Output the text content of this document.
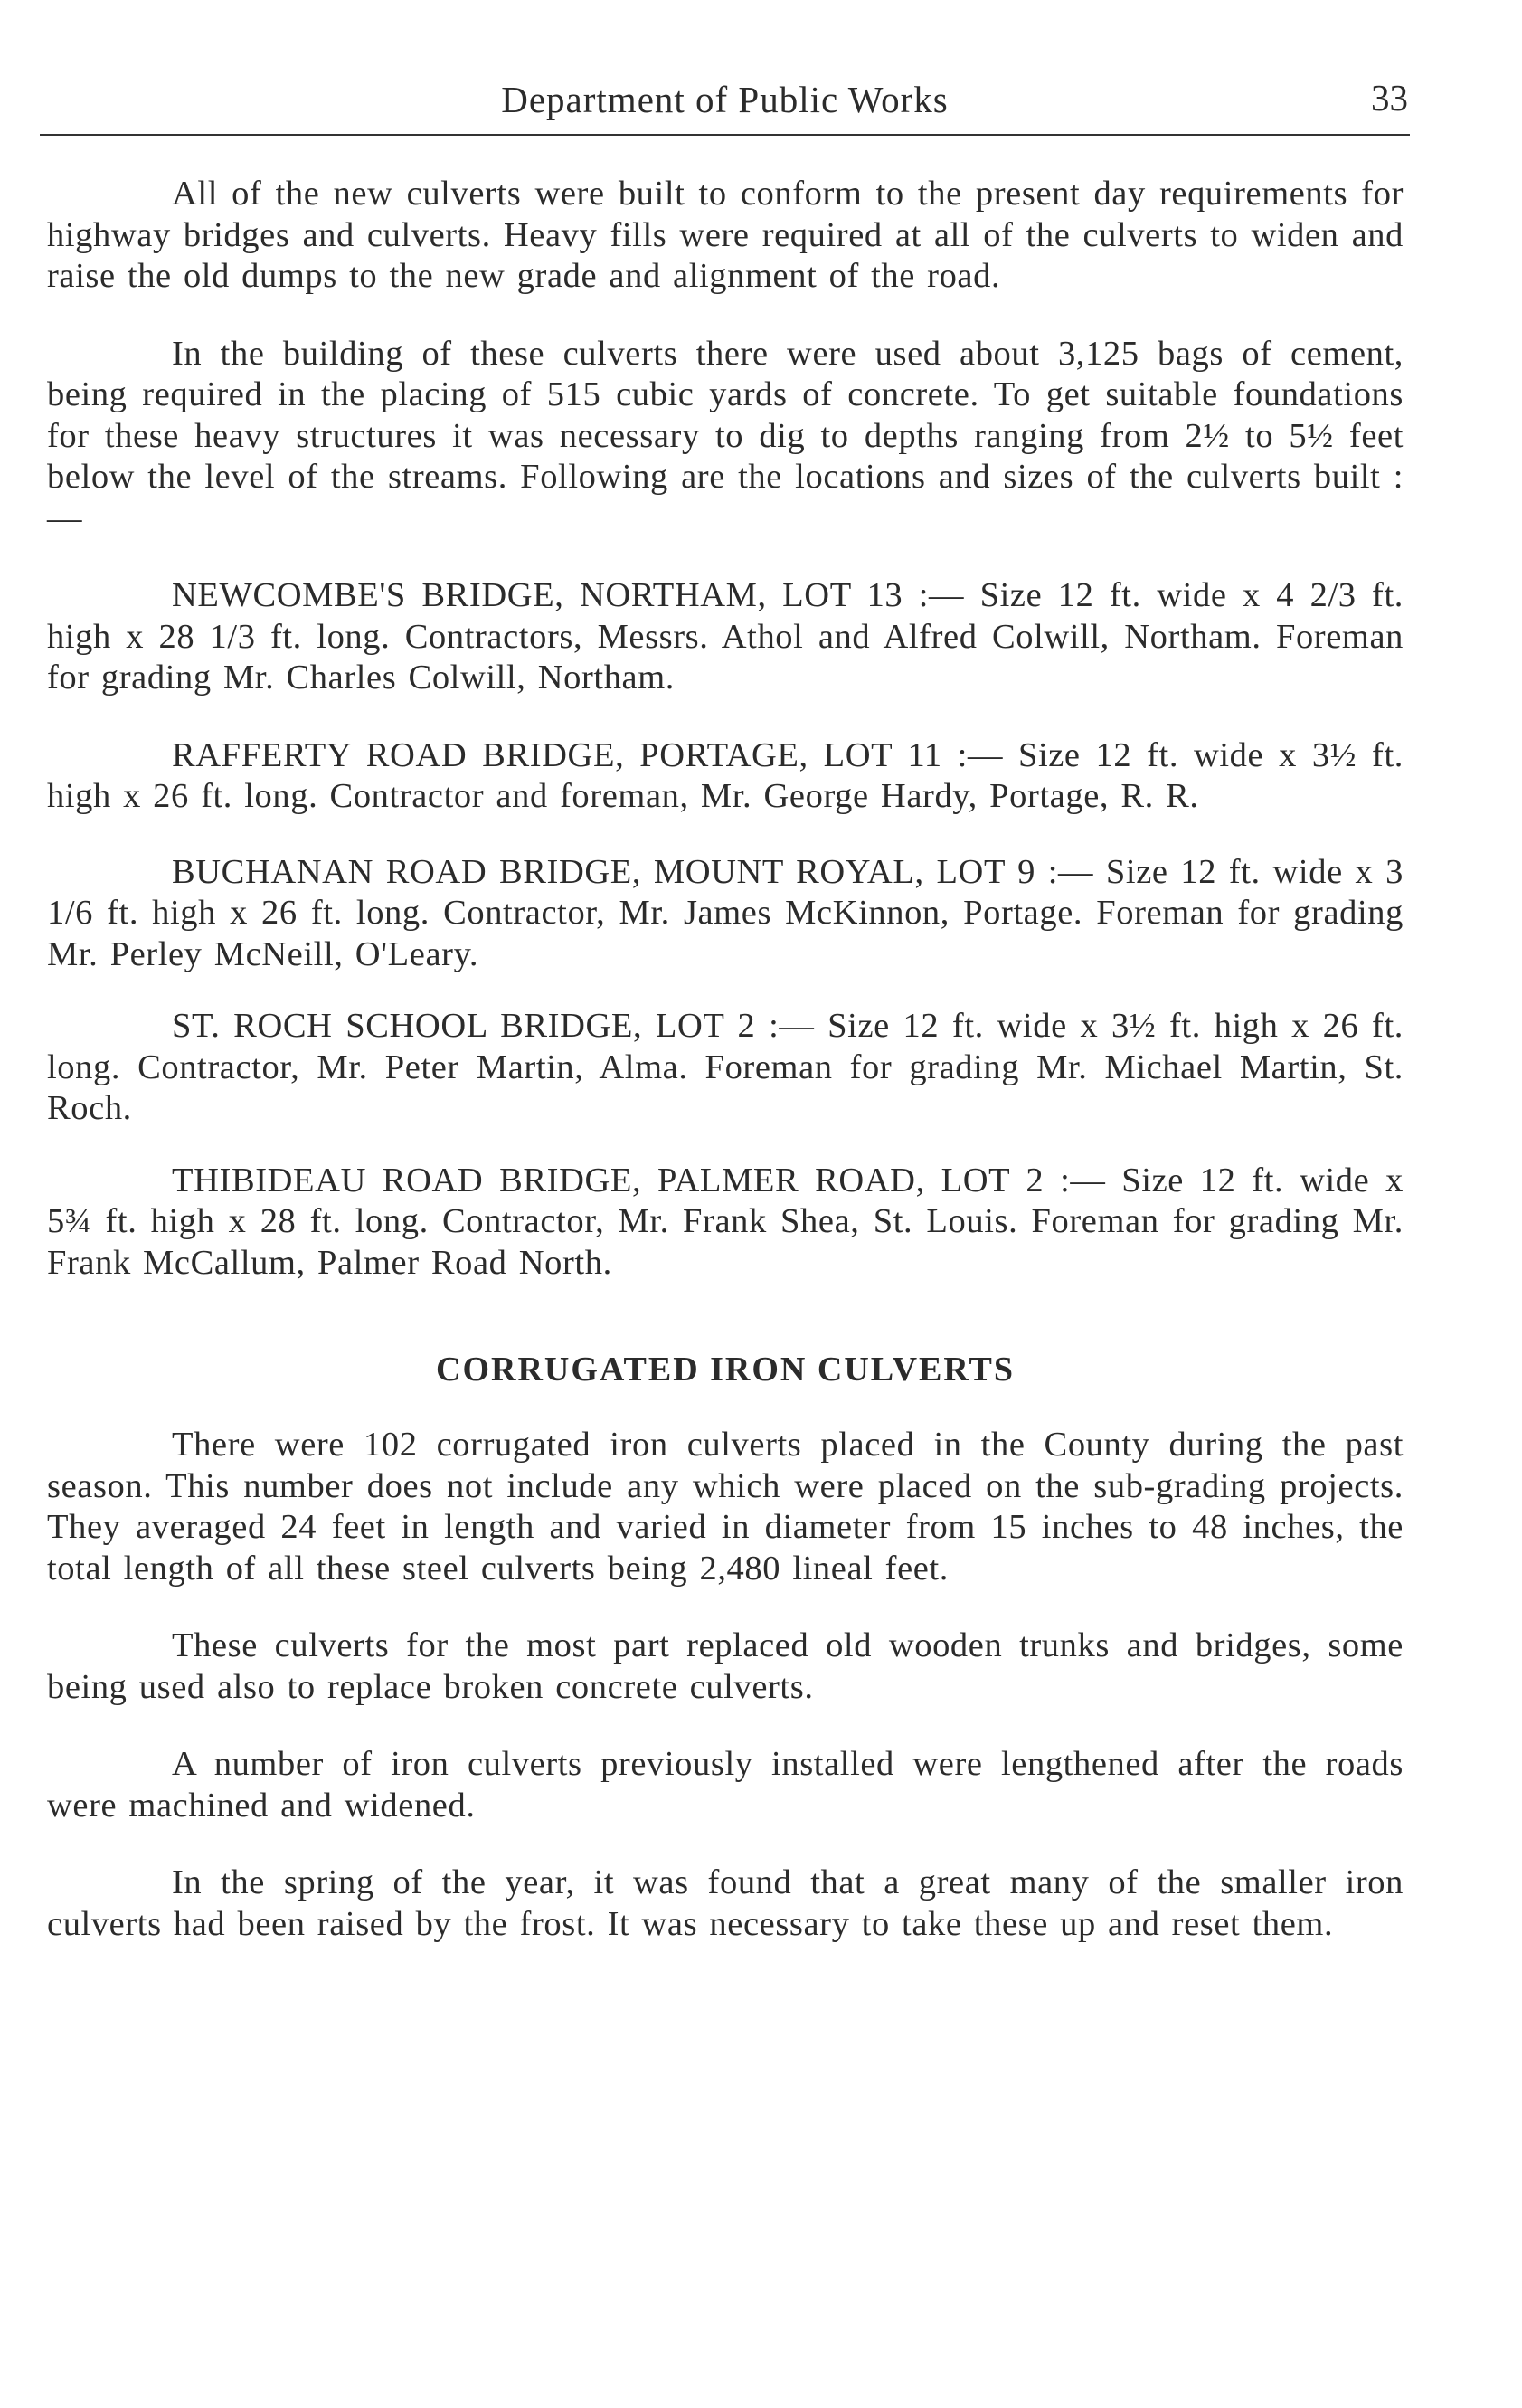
Department of Public Works	33

All of the new culverts were built to conform to the present day requirements for highway bridges and culverts. Heavy fills were required at all of the culverts to widen and raise the old dumps to the new grade and alignment of the road.

In the building of these culverts there were used about 3,125 bags of cement, being required in the placing of 515 cubic yards of concrete. To get suitable foundations for these heavy structures it was necessary to dig to depths ranging from 2½ to 5½ feet below the level of the streams. Following are the locations and sizes of the culverts built :—

NEWCOMBE'S BRIDGE, NORTHAM, LOT 13 :— Size 12 ft. wide x 4 2/3 ft. high x 28 1/3 ft. long. Contractors, Messrs. Athol and Alfred Colwill, Northam. Foreman for grading Mr. Charles Colwill, Northam.

RAFFERTY ROAD BRIDGE, PORTAGE, LOT 11 :— Size 12 ft. wide x 3½ ft. high x 26 ft. long. Contractor and foreman, Mr. George Hardy, Portage, R. R.

BUCHANAN ROAD BRIDGE, MOUNT ROYAL, LOT 9 :— Size 12 ft. wide x 3 1/6 ft. high x 26 ft. long. Contractor, Mr. James McKinnon, Portage. Foreman for grading Mr. Perley McNeill, O'Leary.

ST. ROCH SCHOOL BRIDGE, LOT 2 :— Size 12 ft. wide x 3½ ft. high x 26 ft. long. Contractor, Mr. Peter Martin, Alma. Foreman for grading Mr. Michael Martin, St. Roch.

THIBIDEAU ROAD BRIDGE, PALMER ROAD, LOT 2 :— Size 12 ft. wide x 5¾ ft. high x 28 ft. long. Contractor, Mr. Frank Shea, St. Louis. Foreman for grading Mr. Frank McCallum, Palmer Road North.

CORRUGATED IRON CULVERTS

There were 102 corrugated iron culverts placed in the County during the past season. This number does not include any which were placed on the sub-grading projects. They averaged 24 feet in length and varied in diameter from 15 inches to 48 inches, the total length of all these steel culverts being 2,480 lineal feet.

These culverts for the most part replaced old wooden trunks and bridges, some being used also to replace broken concrete culverts.

A number of iron culverts previously installed were lengthened after the roads were machined and widened.

In the spring of the year, it was found that a great many of the smaller iron culverts had been raised by the frost. It was necessary to take these up and reset them.
